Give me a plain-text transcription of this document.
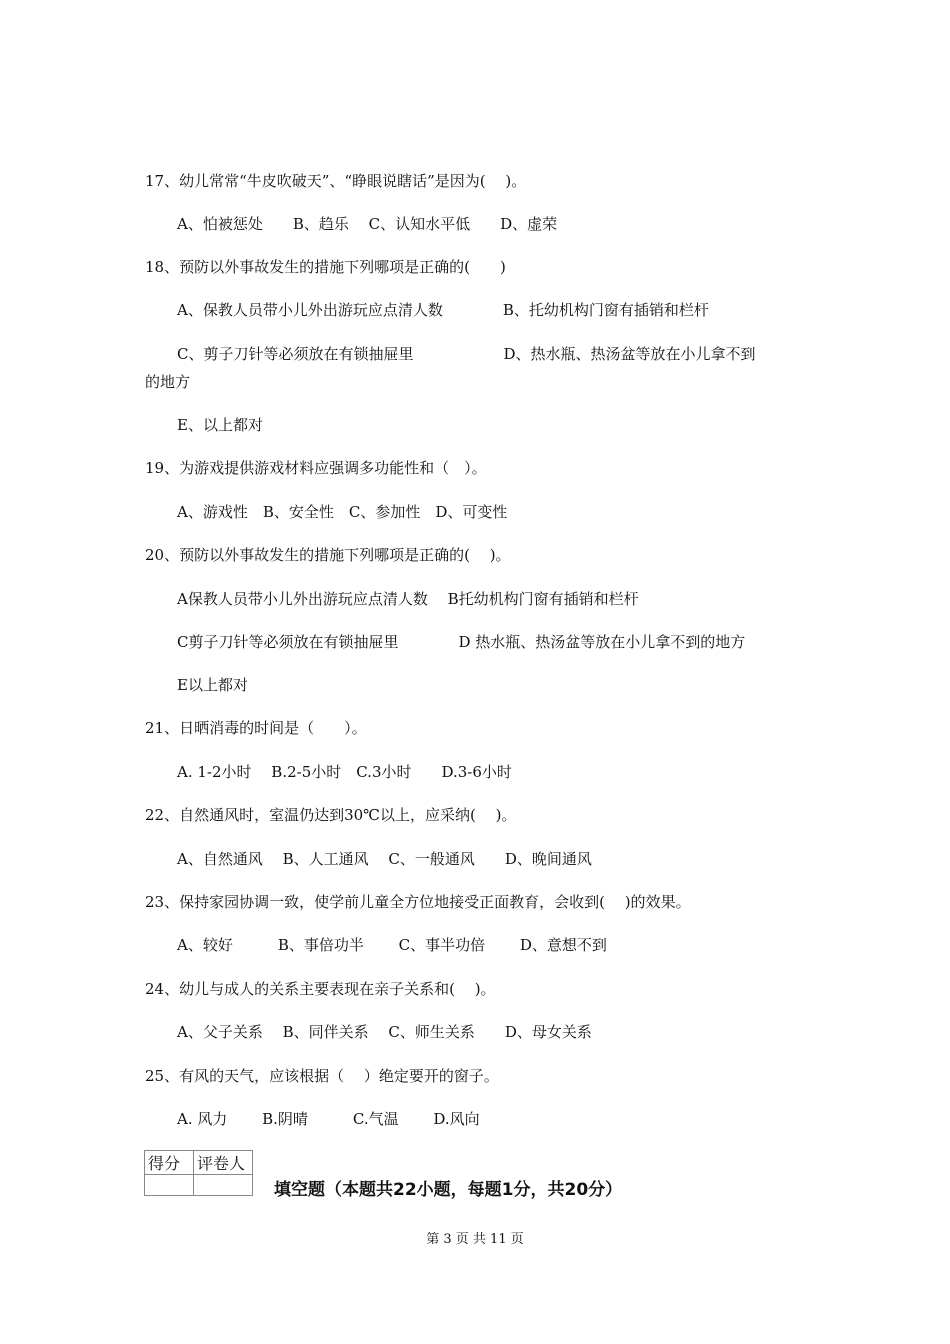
17、幼儿常常“牛皮吹破天”、“睁眼说瞎话”是因为(　 )。

A、怕被惩处　　B、趋乐　 C、认知水平低　　D、虚荣

18、预防以外事故发生的措施下列哪项是正确的(　　)

A、保教人员带小儿外出游玩应点清人数　　　　B、托幼机构门窗有插销和栏杆

C、剪子刀针等必须放在有锁抽屉里　　　　　　D、热水瓶、热汤盆等放在小儿拿不到

的地方

E、以上都对

19、为游戏提供游戏材料应强调多功能性和（　）。

A、游戏性　B、安全性　C、参加性　D、可变性

20、预防以外事故发生的措施下列哪项是正确的(　 )。

A保教人员带小儿外出游玩应点清人数　 B托幼机构门窗有插销和栏杆

C剪子刀针等必须放在有锁抽屉里　　　　D 热水瓶、热汤盆等放在小儿拿不到的地方

E以上都对

21、日晒消毒的时间是（　　）。

A. 1-2小时　 B.2-5小时　C.3小时　　D.3-6小时

22、自然通风时，室温仍达到30℃以上，应采纳(　 )。

A、自然通风　 B、人工通风　 C、一般通风　　D、晚间通风

23、保持家园协调一致，使学前儿童全方位地接受正面教育，会收到(　 )的效果。

A、较好　　　B、事倍功半　　 C、事半功倍　　 D、意想不到

24、幼儿与成人的关系主要表现在亲子关系和(　 )。

A、父子关系　 B、同伴关系　 C、师生关系　　D、母女关系

25、有风的天气，应该根据（　 ）绝定要开的窗子。

A. 风力　　 B.阴晴　　　C.气温　　 D.风向

得分	评卷人

填空题（本题共22小题，每题1分，共20分）
第 3 页 共 11 页
